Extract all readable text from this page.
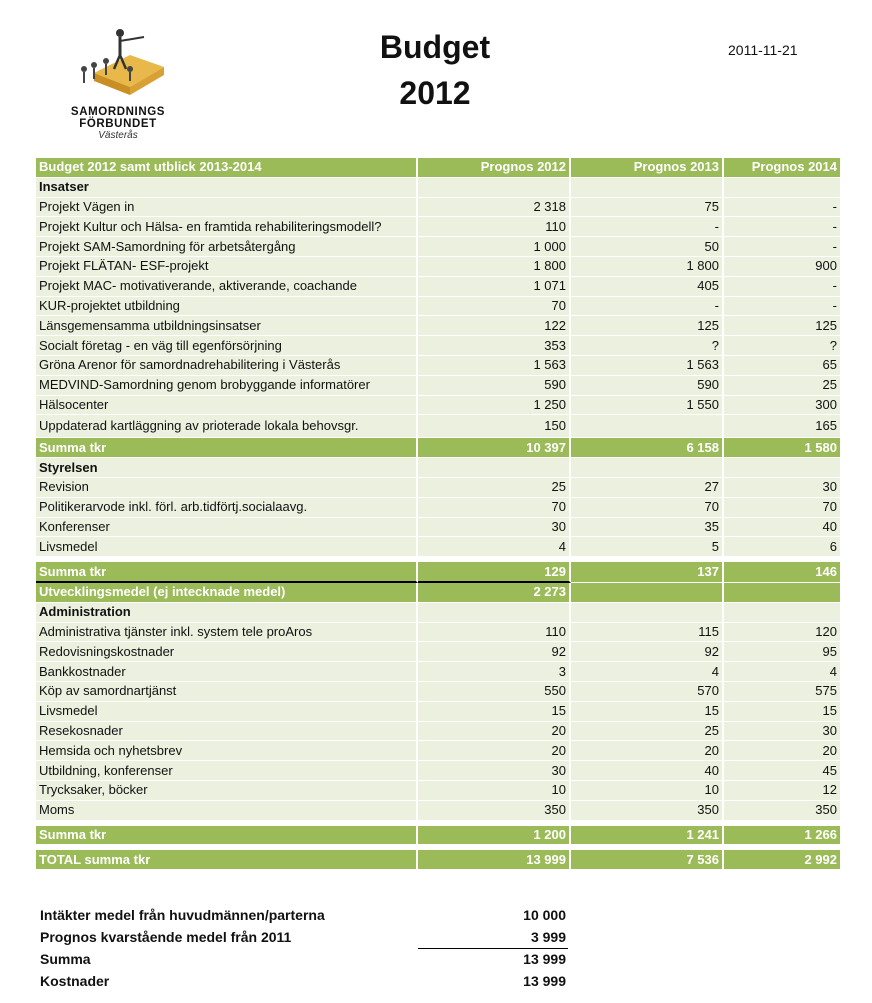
SAMORDNINGS
FÖRBUNDET
Västerås
Budget
2012
2011-11-21
Budget 2012 samt utblick 2013-2014	Prognos 2012	Prognos 2013	Prognos 2014
Insatser			
Projekt Vägen in	2 318	75	-
Projekt Kultur och Hälsa- en framtida rehabiliteringsmodell?	110	-	-
Projekt SAM-Samordning för arbetsåtergång	1 000	50	-
Projekt FLÄTAN- ESF-projekt	1 800	1 800	900
Projekt MAC- motivativerande, aktiverande, coachande	1 071	405	-
KUR-projektet utbildning	70	-	-
Länsgemensamma utbildningsinsatser	122	125	125
Socialt företag - en väg till egenförsörjning	353	?	?
Gröna Arenor för samordnadrehabilitering i Västerås	1 563	1 563	65
MEDVIND-Samordning genom brobyggande informatörer	590	590	25
Hälsocenter	1 250	1 550	300
Uppdaterad kartläggning av prioterade lokala behovsgr.	150		165
Summa tkr	10 397	6 158	1 580
Styrelsen			
Revision	25	27	30
Politikerarvode inkl. förl. arb.tidförtj.socialaavg.	70	70	70
Konferenser	30	35	40
Livsmedel	4	5	6

Summa tkr	129	137	146
Utvecklingsmedel (ej intecknade medel)	2 273		
Administration			
Administrativa tjänster inkl. system tele proAros	110	115	120
Redovisningskostnader	92	92	95
Bankkostnader	3	4	4
Köp av samordnartjänst	550	570	575
Livsmedel	15	15	15
Resekosnader	20	25	30
Hemsida och nyhetsbrev	20	20	20
Utbildning, konferenser	30	40	45
Trycksaker, böcker	10	10	12
Moms	350	350	350

Summa tkr	1 200	1 241	1 266

TOTAL summa tkr	13 999	7 536	2 992
Intäkter medel från huvudmännen/parterna	10 000
Prognos kvarstående medel från 2011	3 999
Summa	13 999
Kostnader	13 999
